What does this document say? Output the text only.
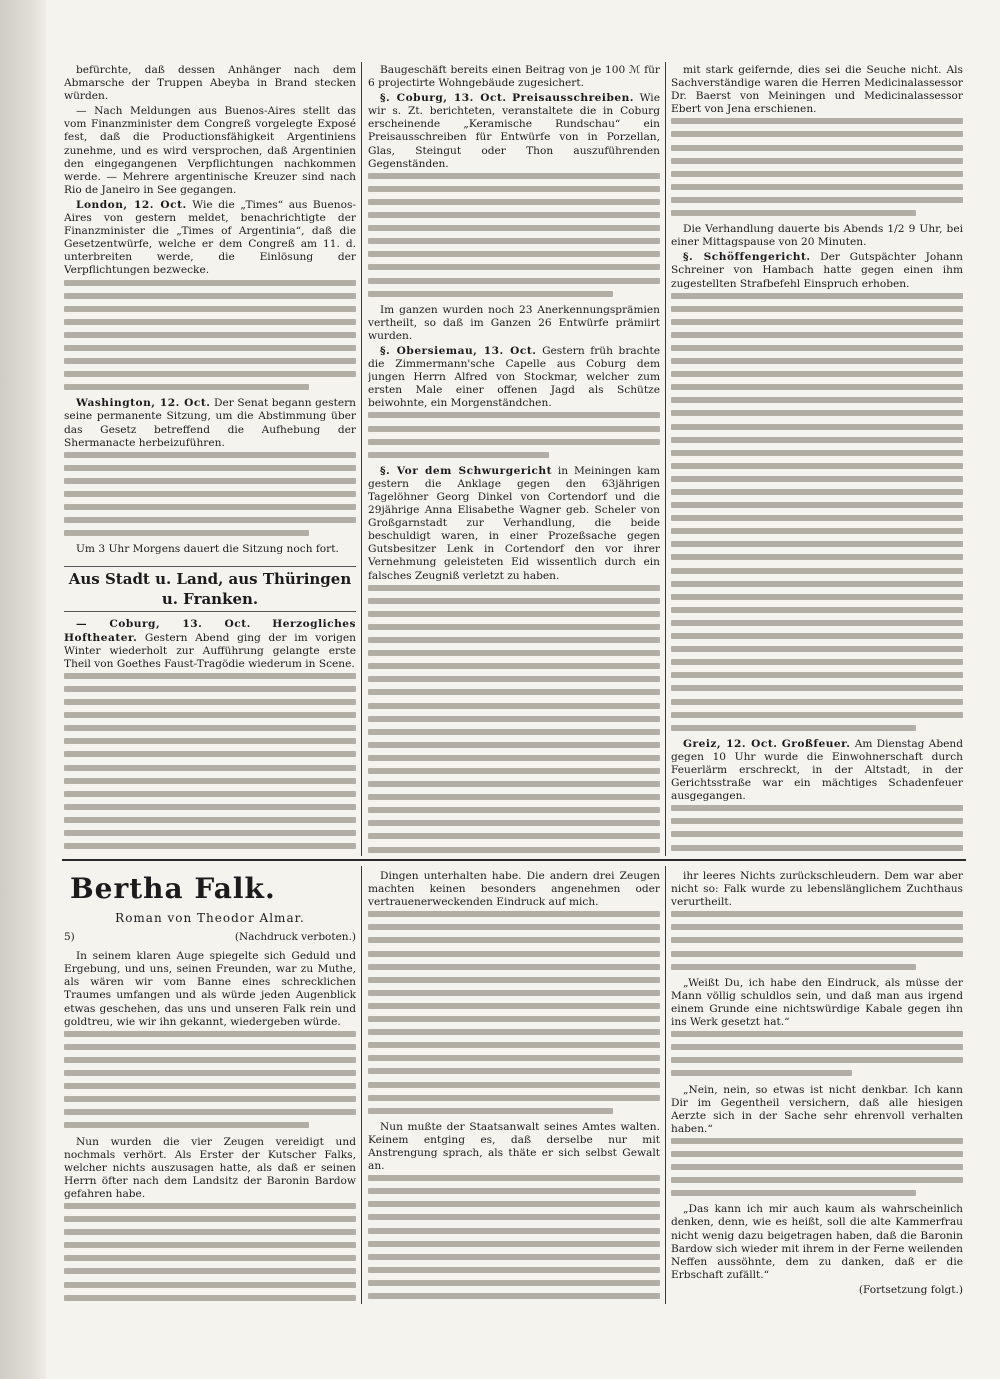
befürchte, daß dessen Anhänger nach dem Abmarsche der Truppen Abeyba in Brand stecken würden.

— Nach Meldungen aus Buenos-Aires stellt das vom Finanzminister dem Congreß vorgelegte Exposé fest, daß die Productionsfähigkeit Argentiniens zunehme, und es wird versprochen, daß Argentinien den eingegangenen Verpflichtungen nachkommen werde. — Mehrere argentinische Kreuzer sind nach Rio de Janeiro in See gegangen.

London, 12. Oct. Wie die „Times“ aus Buenos-Aires von gestern meldet, benachrichtigte der Finanzminister die „Times of Argentinia“, daß die Gesetzentwürfe, welche er dem Congreß am 11. d. unterbreiten werde, die Einlösung der Verpflichtungen bezwecke.

Washington, 12. Oct. Der Senat begann gestern seine permanente Sitzung, um die Abstimmung über das Gesetz betreffend die Aufhebung der Shermanacte herbeizuführen.

Um 3 Uhr Morgens dauert die Sitzung noch fort.

Aus Stadt u. Land, aus Thüringen u. Franken.

— Coburg, 13. Oct. Herzogliches Hoftheater. Gestern Abend ging der im vorigen Winter wiederholt zur Aufführung gelangte erste Theil von Goethes Faust-Tragödie wiederum in Scene.

Baugeschäft bereits einen Beitrag von je 100 ℳ für 6 projectirte Wohngebäude zugesichert.

§. Coburg, 13. Oct. Preisausschreiben. Wie wir s. Zt. berichteten, veranstaltete die in Coburg erscheinende „Keramische Rundschau“ ein Preisausschreiben für Entwürfe von in Porzellan, Glas, Steingut oder Thon auszuführenden Gegenständen.

Im ganzen wurden noch 23 Anerkennungsprämien vertheilt, so daß im Ganzen 26 Entwürfe prämiirt wurden.

§. Obersiemau, 13. Oct. Gestern früh brachte die Zimmermann'sche Capelle aus Coburg dem jungen Herrn Alfred von Stockmar, welcher zum ersten Male einer offenen Jagd als Schütze beiwohnte, ein Morgenständchen.

§. Vor dem Schwurgericht in Meiningen kam gestern die Anklage gegen den 63jährigen Tagelöhner Georg Dinkel von Cortendorf und die 29jährige Anna Elisabethe Wagner geb. Scheler von Großgarnstadt zur Verhandlung, die beide beschuldigt waren, in einer Prozeßsache gegen Gutsbesitzer Lenk in Cortendorf den vor ihrer Vernehmung geleisteten Eid wissentlich durch ein falsches Zeugniß verletzt zu haben.

mit stark geifernde, dies sei die Seuche nicht. Als Sachverständige waren die Herren Medicinalassessor Dr. Baerst von Meiningen und Medicinalassessor Ebert von Jena erschienen.

Die Verhandlung dauerte bis Abends 1/2 9 Uhr, bei einer Mittagspause von 20 Minuten.

§. Schöffengericht. Der Gutspächter Johann Schreiner von Hambach hatte gegen einen ihm zugestellten Strafbefehl Einspruch erhoben.

Greiz, 12. Oct. Großfeuer. Am Dienstag Abend gegen 10 Uhr wurde die Einwohnerschaft durch Feuerlärm erschreckt, in der Altstadt, in der Gerichtsstraße war ein mächtiges Schadenfeuer ausgegangen.

Bertha Falk.
Roman von Theodor Almar.
5)	(Nachdruck verboten.)

In seinem klaren Auge spiegelte sich Geduld und Ergebung, und uns, seinen Freunden, war zu Muthe, als wären wir vom Banne eines schrecklichen Traumes umfangen und als würde jeden Augenblick etwas geschehen, das uns und unseren Falk rein und goldtreu, wie wir ihn gekannt, wiedergeben würde.

Nun wurden die vier Zeugen vereidigt und nochmals verhört. Als Erster der Kutscher Falks, welcher nichts auszusagen hatte, als daß er seinen Herrn öfter nach dem Landsitz der Baronin Bardow gefahren habe.

Dingen unterhalten habe. Die andern drei Zeugen machten keinen besonders angenehmen oder vertrauenerweckenden Eindruck auf mich.

Nun mußte der Staatsanwalt seines Amtes walten. Keinem entging es, daß derselbe nur mit Anstrengung sprach, als thäte er sich selbst Gewalt an.

ihr leeres Nichts zurückschleudern. Dem war aber nicht so: Falk wurde zu lebenslänglichem Zuchthaus verurtheilt.

„Weißt Du, ich habe den Eindruck, als müsse der Mann völlig schuldlos sein, und daß man aus irgend einem Grunde eine nichtswürdige Kabale gegen ihn ins Werk gesetzt hat.“

„Nein, nein, so etwas ist nicht denkbar. Ich kann Dir im Gegentheil versichern, daß alle hiesigen Aerzte sich in der Sache sehr ehrenvoll verhalten haben.“

„Das kann ich mir auch kaum als wahrscheinlich denken, denn, wie es heißt, soll die alte Kammerfrau nicht wenig dazu beigetragen haben, daß die Baronin Bardow sich wieder mit ihrem in der Ferne weilenden Neffen aussöhnte, dem zu danken, daß er die Erbschaft zufällt.“

(Fortsetzung folgt.)
